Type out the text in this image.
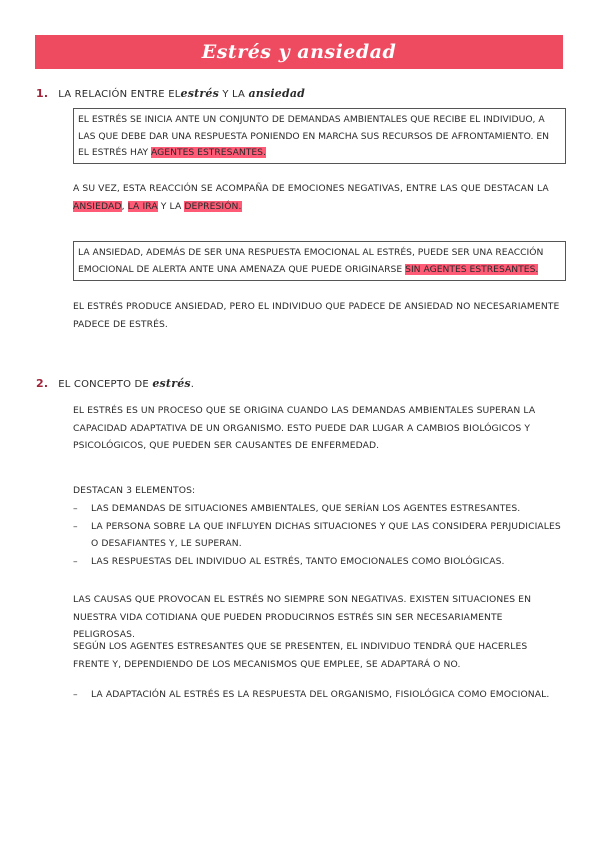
Estrés y ansiedad
1. LA RELACIÓN ENTRE EL estrés Y LA ansiedad
EL ESTRÉS SE INICIA ANTE UN CONJUNTO DE DEMANDAS AMBIENTALES QUE RECIBE EL INDIVIDUO, A LAS QUE DEBE DAR UNA RESPUESTA PONIENDO EN MARCHA SUS RECURSOS DE AFRONTAMIENTO. EN EL ESTRÉS HAY AGENTES ESTRESANTES.
A SU VEZ, ESTA REACCIÓN SE ACOMPAÑA DE EMOCIONES NEGATIVAS, ENTRE LAS QUE DESTACAN LA ANSIEDAD, LA IRA Y LA DEPRESIÓN.
LA ANSIEDAD, ADEMÁS DE SER UNA RESPUESTA EMOCIONAL AL ESTRÉS, PUEDE SER UNA REACCIÓN EMOCIONAL DE ALERTA ANTE UNA AMENAZA QUE PUEDE ORIGINARSE SIN AGENTES ESTRESANTES.
EL ESTRÉS PRODUCE ANSIEDAD, PERO EL INDIVIDUO QUE PADECE DE ANSIEDAD NO NECESARIAMENTE PADECE DE ESTRÉS.
2. EL CONCEPTO DE estrés .
EL ESTRÉS ES UN PROCESO QUE SE ORIGINA CUANDO LAS DEMANDAS AMBIENTALES SUPERAN LA CAPACIDAD ADAPTATIVA DE UN ORGANISMO. ESTO PUEDE DAR LUGAR A CAMBIOS BIOLÓGICOS Y PSICOLÓGICOS, QUE PUEDEN SER CAUSANTES DE ENFERMEDAD.
DESTACAN 3 ELEMENTOS:
– LAS DEMANDAS DE SITUACIONES AMBIENTALES, QUE SERÍAN LOS AGENTES ESTRESANTES.
– LA PERSONA SOBRE LA QUE INFLUYEN DICHAS SITUACIONES Y QUE LAS CONSIDERA PERJUDICIALES O DESAFIANTES Y, LE SUPERAN.
– LAS RESPUESTAS DEL INDIVIDUO AL ESTRÉS, TANTO EMOCIONALES COMO BIOLÓGICAS.
LAS CAUSAS QUE PROVOCAN EL ESTRÉS NO SIEMPRE SON NEGATIVAS. EXISTEN SITUACIONES EN NUESTRA VIDA COTIDIANA QUE PUEDEN PRODUCIRNOS ESTRÉS SIN SER NECESARIAMENTE PELIGROSAS.
SEGÚN LOS AGENTES ESTRESANTES QUE SE PRESENTEN, EL INDIVIDUO TENDRÁ QUE HACERLES FRENTE Y, DEPENDIENDO DE LOS MECANISMOS QUE EMPLEE, SE ADAPTARÁ O NO.
– LA ADAPTACIÓN AL ESTRÉS ES LA RESPUESTA DEL ORGANISMO, FISIOLÓGICA COMO EMOCIONAL.
